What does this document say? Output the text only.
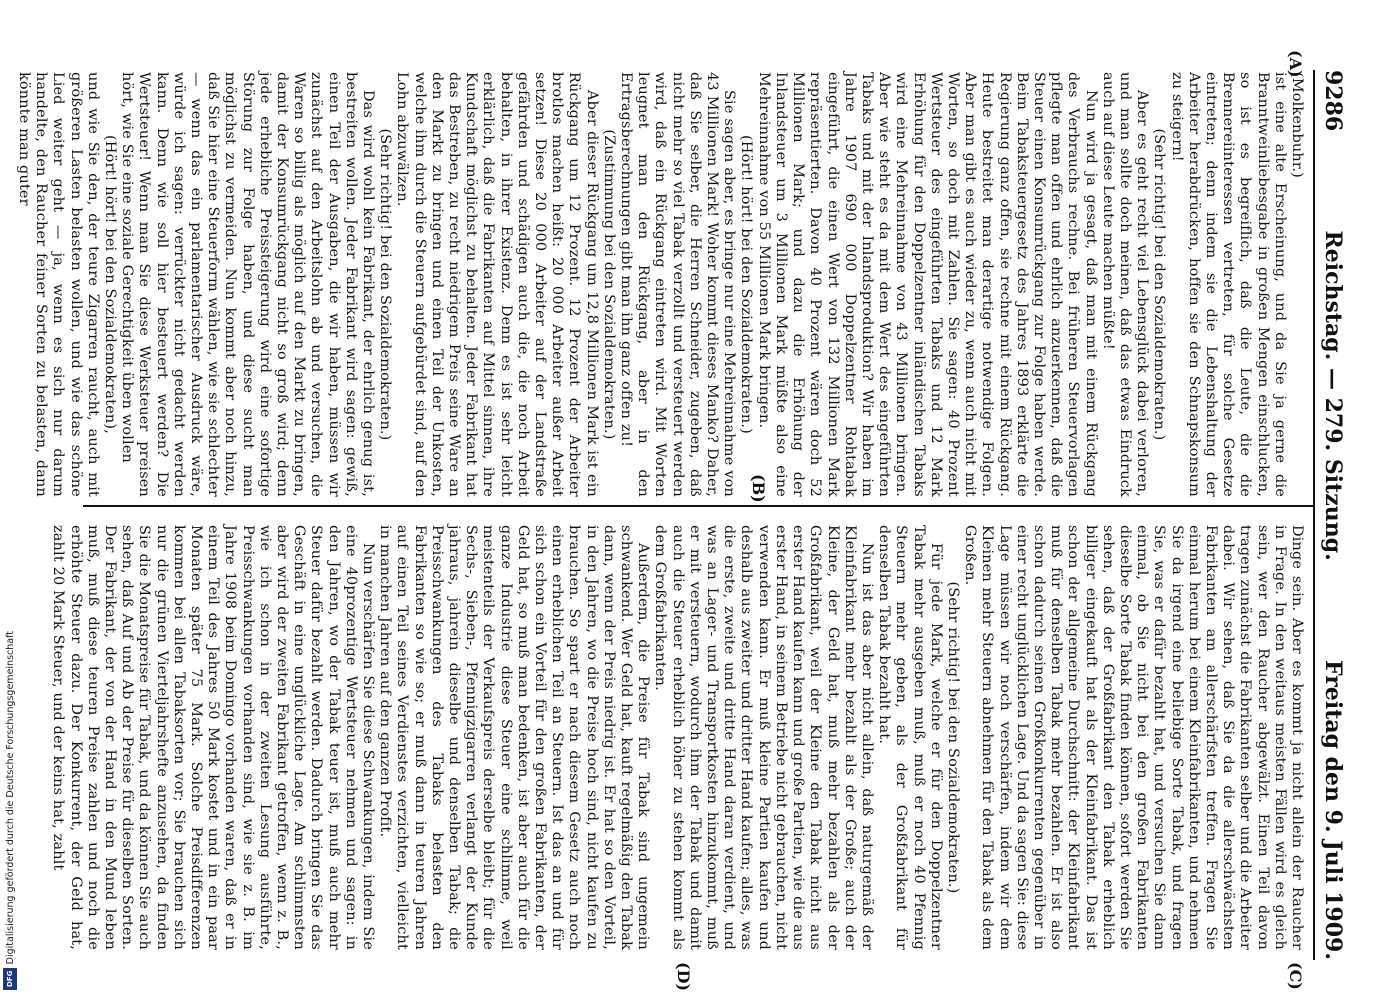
9286
Reichstag. — 279. Sitzung.
Freitag den 9. Juli 1909.
(A)
(B)
(C)
(D)

(Molkenbuhr.)

ist eine alte Erscheinung, und da Sie ja gerne die Branntweinliebesgabe in großen Mengen einschlucken, so ist es begreiflich, daß die Leute, die die Brennereiinteressen vertreten, für solche Gesetze eintreten; denn indem sie die Lebenshaltung der Arbeiter herabdrücken, hoffen sie den Schnapskonsum zu steigern!

(Sehr richtig! bei den Sozialdemokraten.)

Aber es geht recht viel Lebensglück dabei verloren, und man sollte doch meinen, daß das etwas Eindruck auch auf diese Leute machen müßte!

Nun wird ja gesagt, daß man mit einem Rückgang des Verbrauchs rechne. Bei früheren Steuervorlagen pflegte man offen und ehrlich anzuerkennen, daß die Steuer einen Konsumrückgang zur Folge haben werde. Beim Tabaksteuergesetz des Jahres 1893 erklärte die Regierung ganz offen, sie rechne mit einem Rückgang. Heute bestreitet man derartige notwendige Folgen. Aber man gibt es auch wieder zu, wenn auch nicht mit Worten, so doch mit Zahlen. Sie sagen: 40 Prozent Wertsteuer des eingeführten Tabaks und 12 Mark Erhöhung für den Doppelzentner inländischen Tabaks wird eine Mehreinnahme von 43 Millionen bringen. Aber wie steht es da mit dem Wert des eingeführten Tabaks und mit der Inlandsproduktion? Wir haben im Jahre 1907 690 000 Doppelzentner Rohtabak eingeführt, die einen Wert von 132 Millionen Mark repräsentierten. Davon 40 Prozent wären doch 52 Millionen Mark; und dazu die Erhöhung der Inlandsteuer um 3 Millionen Mark müßte also eine Mehreinnahme von 55 Millionen Mark bringen.

(Hört! hört! bei den Sozialdemokraten.)

Sie sagen aber, es bringe nur eine Mehreinnahme von 43 Millionen Mark! Woher kommt dieses Manko? Daher, daß Sie selber, die Herren Schneider, zugeben, daß nicht mehr so viel Tabak verzollt und versteuert werden wird, daß ein Rückgang eintreten wird. Mit Worten leugnet man den Rückgang, aber in den Ertragsberechnungen gibt man ihn ganz offen zu!

(Zustimmung bei den Sozialdemokraten.)

Aber dieser Rückgang um 12,8 Millionen Mark ist ein Rückgang um 12 Prozent. 12 Prozent der Arbeiter brotlos machen heißt: 20 000 Arbeiter außer Arbeit setzen! Diese 20 000 Arbeiter auf der Landstraße gefährden und schädigen auch die, die noch Arbeit behalten, in ihrer Existenz. Denn es ist sehr leicht erklärlich, daß die Fabrikanten auf Mittel sinnen, ihre Kundschaft möglichst zu behalten. Jeder Fabrikant hat das Bestreben, zu recht niedrigem Preis seine Ware an den Markt zu bringen und einen Teil der Unkosten, welche ihm durch die Steuern aufgebürdet sind, auf den Lohn abzuwälzen.

(Sehr richtig! bei den Sozialdemokraten.)

Das wird wohl kein Fabrikant, der ehrlich genug ist, bestreiten wollen. Jeder Fabrikant wird sagen: gewiß, einen Teil der Ausgaben, die wir haben, müssen wir zunächst auf den Arbeitslohn ab und versuchen, die Waren so billig als möglich auf den Markt zu bringen, damit der Konsumrückgang nicht so groß wird; denn jede erhebliche Preissteigerung wird eine sofortige Störung zur Folge haben, und diese sucht man möglichst zu vermeiden. Nun kommt aber noch hinzu, daß Sie hier eine Steuerform wählen, wie sie schlechter — wenn das ein parlamentarischer Ausdruck wäre, würde ich sagen: verrückter nicht gedacht werden kann. Denn wie soll hier besteuert werden? Die Wertsteuer! Wenn man Sie diese Werksteuer preisen hört, wie Sie eine soziale Gerechtigkeit üben wollen

(Hört! hört! bei den Sozialdemokraten),

und wie Sie den, der teure Zigarren raucht, auch mit größeren Lasten belasten wollen, und wie das schöne Lied weiter geht — ja, wenn es sich nur darum handelte, den Raucher feiner Sorten zu belasten, dann könnte man guter

Dinge sein. Aber es kommt ja nicht allein der Raucher in Frage. In den weitaus meisten Fällen wird es gleich sein, wer den Raucher abgewälzt. Einen Teil davon tragen zunächst die Fabrikanten selber und die Arbeiter dabei. Wir sehen, daß Sie da die allerschwächsten Fabrikanten am allerschärfsten treffen. Fragen Sie einmal herum bei einem Kleinfabrikanten, und nehmen Sie da irgend eine beliebige Sorte Tabak, und fragen Sie, was er dafür bezahlt hat, und versuchen Sie dann einmal, ob Sie nicht bei den großen Fabrikanten dieselbe Sorte Tabak finden können, sofort werden Sie sehen, daß der Großfabrikant den Tabak erheblich billiger eingekauft hat als der Kleinfabrikant. Das ist schon der allgemeine Durchschnitt: der Kleinfabrikant muß für denselben Tabak mehr bezahlen. Er ist also schon dadurch seinen Großkonkurrenten gegenüber in einer recht unglücklichen Lage. Und da sagen Sie: diese Lage müssen wir noch verschärfen, indem wir dem Kleinen mehr Steuern abnehmen für den Tabak als dem Großen.

(Sehr richtig! bei den Sozialdemokraten.)

Für jede Mark, welche er für den Doppelzentner Tabak mehr ausgeben muß, muß er noch 40 Pfennig Steuern mehr geben, als der Großfabrikant für denselben Tabak bezahlt hat.

Nun ist das aber nicht allein, daß naturgemäß der Kleinfabrikant mehr bezahlt als der Große; auch der Kleine, der Geld hat, muß mehr bezahlen als der Großfabrikant, weil der Kleine den Tabak nicht aus erster Hand kaufen kann und große Partien, wie die aus erster Hand, in seinem Betriebe nicht gebrauchen, nicht verwenden kann. Er muß kleine Partien kaufen und deshalb aus zweiter und dritter Hand kaufen; alles, was die erste, zweite und dritte Hand daran verdient, und was an Lager- und Transportkosten hinzukommt, muß er mit versteuern, wodurch ihm der Tabak und damit auch die Steuer erheblich höher zu stehen kommt als dem Großfabrikanten.

Außerdem, die Preise für Tabak sind ungemein schwankend. Wer Geld hat, kauft regelmäßig den Tabak dann, wenn der Preis niedrig ist. Er hat so den Vorteil, in den Jahren, wo die Preise hoch sind, nicht kaufen zu brauchen. So spart er nach diesem Gesetz auch noch einen erheblichen Teil an Steuern. Ist das an und für sich schon ein Vorteil für den großen Fabrikanten, der Geld hat, so muß man bedenken, ist aber auch für die ganze Industrie diese Steuer eine schlimme, weil meistenteils der Verkaufspreis derselbe bleibt; für die Sechs-, Sieben-, Pfennigzigarren verlangt der Kunde jahraus, jahrein dieselbe und denselben Tabak; die Preisschwankungen des Tabaks belasten den Fabrikanten so wie so; er muß dann in teuren Jahren auf einen Teil seines Verdienstes verzichten, vielleicht in manchen Jahren auf den ganzen Profit.

Nun verschärfen Sie diese Schwankungen, indem Sie eine 40prozentige Wertsteuer nehmen und sagen: in den Jahren, wo der Tabak teuer ist, muß auch mehr Steuer dafür bezahlt werden. Dadurch bringen Sie das Geschäft in eine unglückliche Lage. Am schlimmsten aber wird der zweiten Fabrikant getroffen, wenn z. B., wie ich schon in der zweiten Lesung ausführte, Preisschwankungen vorhanden sind, wie sie z. B. im Jahre 1908 beim Domingo vorhanden waren, daß er in einem Teil des Jahres 50 Mark kostet und in ein paar Monaten später 75 Mark. Solche Preisdifferenzen kommen bei allen Tabaksorten vor; Sie brauchen sich nur die grünen Vierteljahrshefte anzusehen, da finden Sie die Monatspreise für Tabak, und da können Sie auch sehen, daß Auf und Ab der Preise für dieselben Sorten. Der Fabrikant, der von der Hand in den Mund leben muß, muß diese teuren Preise zahlen und noch die erhöhte Steuer dazu. Der Konkurrent, der Geld hat, zahlt 20 Mark Steuer, und der keins hat, zahlt

Digitalisierung gefördert durch die Deutsche Forschungsgemeinschaft
DFG
